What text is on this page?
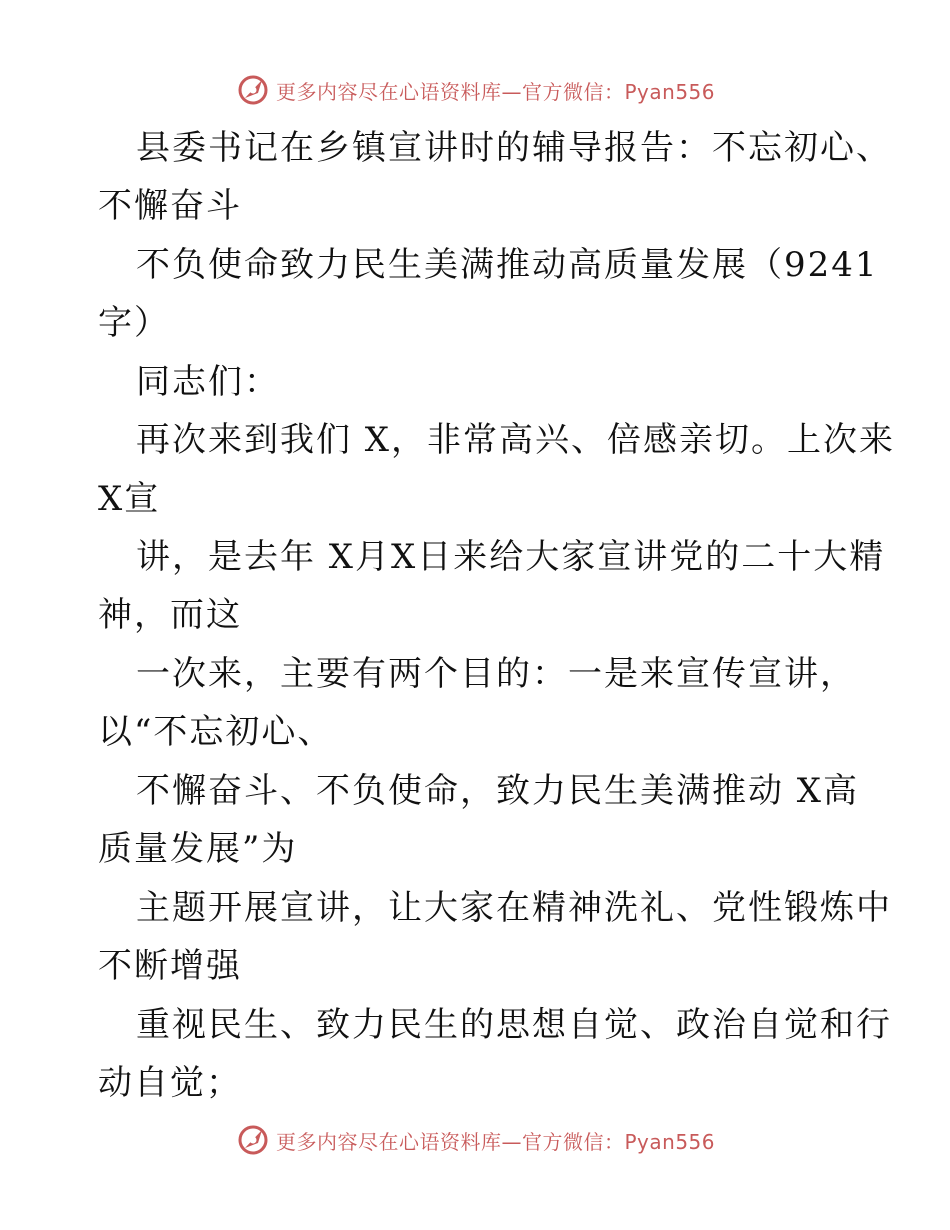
更多内容尽在心语资料库—官方微信：Pyan556
县委书记在乡镇宣讲时的辅导报告：不忘初心、
不懈奋斗
不负使命致力民生美满推动高质量发展（9241
字）
同志们：
再次来到我们 X，非常高兴、倍感亲切。上次来
X宣
讲，是去年 X月X日来给大家宣讲党的二十大精
神，而这
一次来，主要有两个目的：一是来宣传宣讲，
以“不忘初心、
不懈奋斗、不负使命，致力民生美满推动 X高
质量发展”为
主题开展宣讲，让大家在精神洗礼、党性锻炼中
不断增强
重视民生、致力民生的思想自觉、政治自觉和行
动自觉；
更多内容尽在心语资料库—官方微信：Pyan556
